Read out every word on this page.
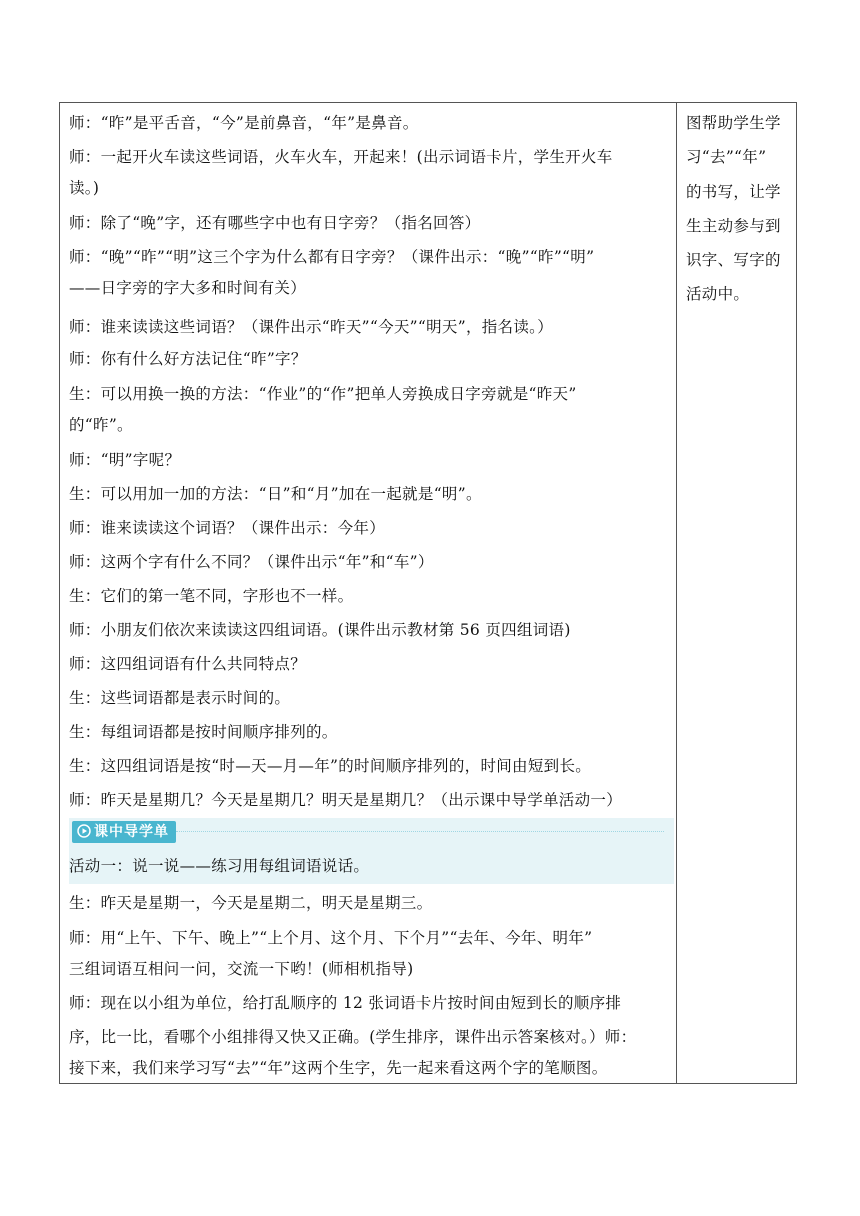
师：“昨”是平舌音，“今”是前鼻音，“年”是鼻音。
师：一起开火车读这些词语，火车火车，开起来！(出示词语卡片，学生开火车
读。)
师：除了“晚”字，还有哪些字中也有日字旁？（指名回答）
师：“晚”“昨”“明”这三个字为什么都有日字旁？（课件出示：“晚”“昨”“明”
——日字旁的字大多和时间有关）
师：谁来读读这些词语？（课件出示“昨天”“今天”“明天”，指名读。）
师：你有什么好方法记住“昨”字？
生：可以用换一换的方法：“作业”的“作”把单人旁换成日字旁就是“昨天”
的“昨”。
师：“明”字呢？
生：可以用加一加的方法：“日”和“月”加在一起就是“明”。
师：谁来读读这个词语？（课件出示：今年）
师：这两个字有什么不同？（课件出示“年”和“车”）
生：它们的第一笔不同，字形也不一样。
师：小朋友们依次来读读这四组词语。(课件出示教材第 56 页四组词语)
师：这四组词语有什么共同特点？
生：这些词语都是表示时间的。
生：每组词语都是按时间顺序排列的。
生：这四组词语是按“时—天—月—年”的时间顺序排列的，时间由短到长。
师：昨天是星期几？今天是星期几？明天是星期几？（出示课中导学单活动一）
课中导学单
活动一：说一说——练习用每组词语说话。
生：昨天是星期一，今天是星期二，明天是星期三。
师：用“上午、下午、晚上”“上个月、这个月、下个月”“去年、今年、明年”
三组词语互相问一问，交流一下哟！(师相机指导)
师：现在以小组为单位，给打乱顺序的 12 张词语卡片按时间由短到长的顺序排
序，比一比，看哪个小组排得又快又正确。(学生排序，课件出示答案核对。）师：
接下来，我们来学习写“去”“年”这两个生字，先一起来看这两个字的笔顺图。
图帮助学生学
习“去”“年”
的书写，让学
生主动参与到
识字、写字的
活动中。
